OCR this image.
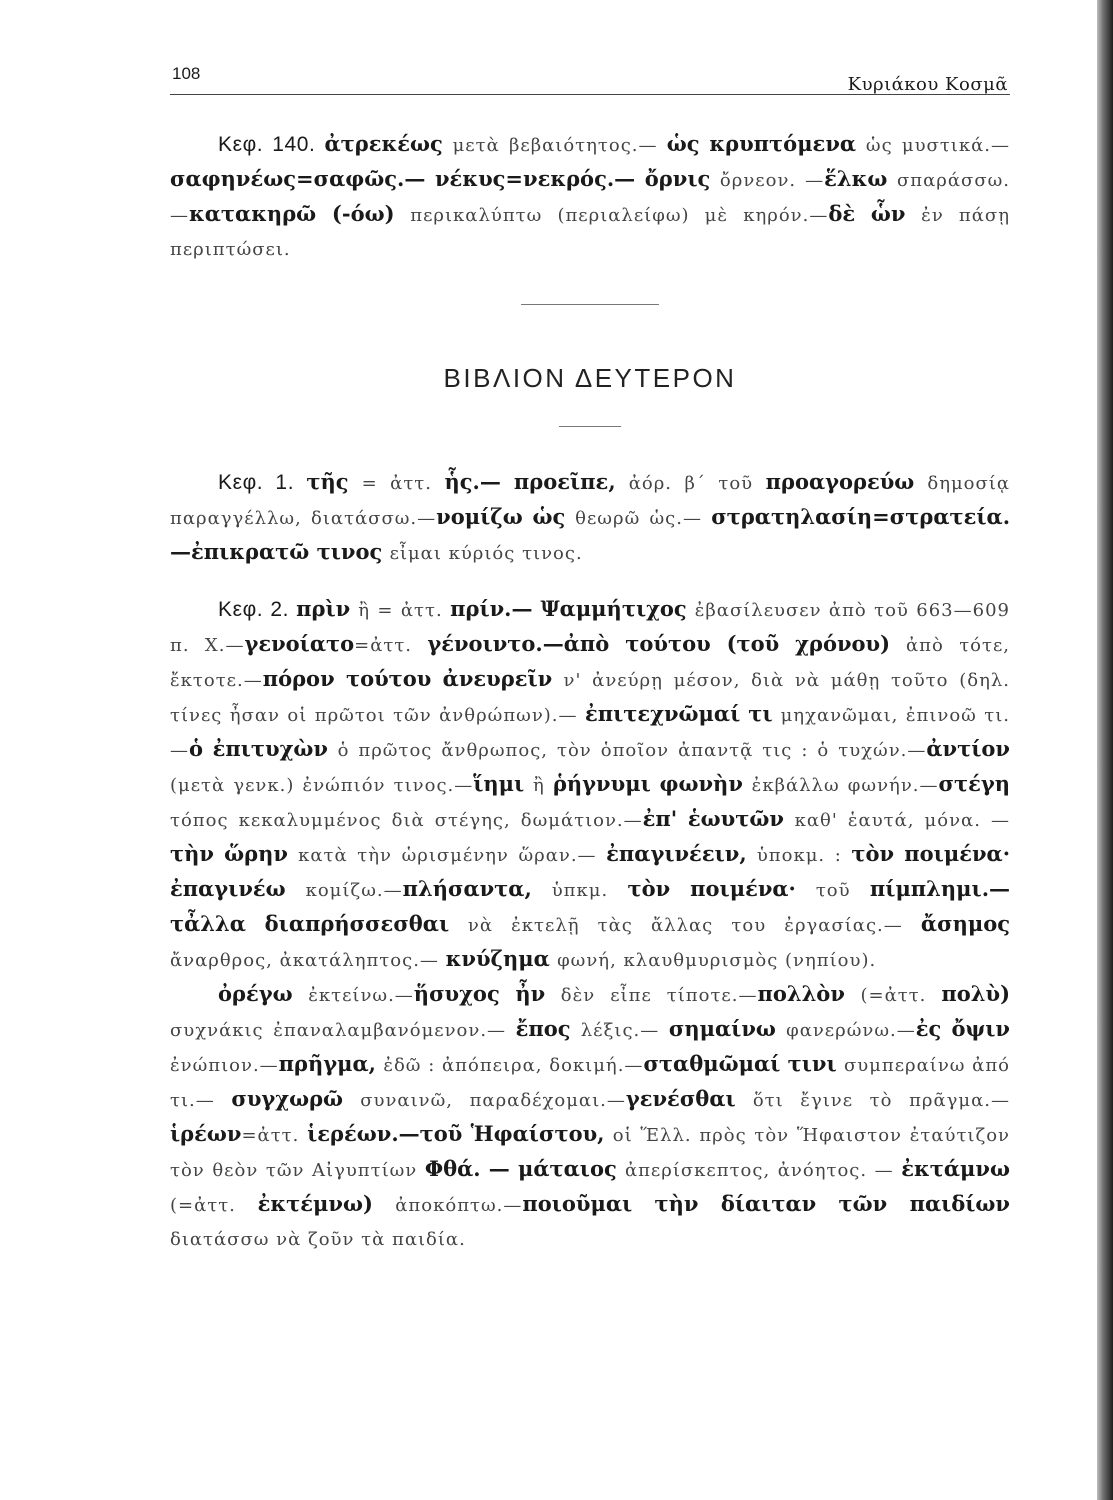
108
Κυριάκου Κοσμᾶ

Κεφ. 140. ἀτρεκέως μετὰ βεβαιότητος.— ὡς κρυπτόμενα ὡς μυστικά.—σαφηνέως=σαφῶς.— νέκυς=νεκρός.— ὄρνις ὄρνεον. —ἕλκω σπαράσσω.—κατακηρῶ (-όω) περικαλύπτω (περιαλείφω) μὲ κηρόν.—δὲ ὧν ἐν πάσῃ περιπτώσει.

ΒΙΒΛΙΟΝ ΔΕΥΤΕΡΟΝ

Κεφ. 1. τῆς = ἀττ. ἧς.— προεῖπε, ἀόρ. β΄ τοῦ προαγορεύω δημοσίᾳ παραγγέλλω, διατάσσω.—νομίζω ὡς θεωρῶ ὡς.— στρατηλασίη=στρατεία.—ἐπικρατῶ τινος εἶμαι κύριός τινος.

Κεφ. 2. πρὶν ἢ = ἀττ. πρίν.— Ψαμμήτιχος ἐβασίλευσεν ἀπὸ τοῦ 663—609 π. Χ.—γενοίατο=ἀττ. γένοιντο.—ἀπὸ τούτου (τοῦ χρόνου) ἀπὸ τότε, ἔκτοτε.—πόρον τούτου ἀνευρεῖν ν' ἀνεύρῃ μέσον, διὰ νὰ μάθῃ τοῦτο (δηλ. τίνες ἦσαν οἱ πρῶτοι τῶν ἀνθρώπων).— ἐπιτεχνῶμαί τι μηχανῶμαι, ἐπινοῶ τι.—ὁ ἐπιτυχὼν ὁ πρῶτος ἄνθρωπος, τὸν ὁποῖον ἀπαντᾷ τις : ὁ τυχών.—ἀντίον (μετὰ γενκ.) ἐνώπιόν τινος.—ἵημι ἢ ῥήγνυμι φωνὴν ἐκβάλλω φωνήν.—στέγη τόπος κεκαλυμμένος διὰ στέγης, δωμάτιον.—ἐπ' ἑωυτῶν καθ' ἑαυτά, μόνα. —τὴν ὥρην κατὰ τὴν ὡρισμένην ὥραν.— ἐπαγινέειν, ὑποκμ. : τὸν ποιμένα· ἐπαγινέω κομίζω.—πλήσαντα, ὑπκμ. τὸν ποιμένα· τοῦ πίμπλημι.— τἆλλα διαπρήσσεσθαι νὰ ἐκτελῇ τὰς ἄλλας του ἐργασίας.— ἄσημος ἄναρθρος, ἀκατάληπτος.— κνύζημα φωνή, κλαυθμυρισμὸς (νηπίου).

ὀρέγω ἐκτείνω.—ἥσυχος ἦν δὲν εἶπε τίποτε.—πολλὸν (=ἀττ. πολὺ) συχνάκις ἐπαναλαμβανόμενον.— ἔπος λέξις.— σημαίνω φανερώνω.—ἐς ὄψιν ἐνώπιον.—πρῆγμα, ἐδῶ : ἀπόπειρα, δοκιμή.—σταθμῶμαί τινι συμπεραίνω ἀπό τι.— συγχωρῶ συναινῶ, παραδέχομαι.—γενέσθαι ὅτι ἔγινε τὸ πρᾶγμα.—ἱρέων=ἀττ. ἱερέων.—τοῦ Ἡφαίστου, οἱ Ἕλλ. πρὸς τὸν Ἥφαιστον ἐταύτιζον τὸν θεὸν τῶν Αἰγυπτίων Φθά. — μάταιος ἀπερίσκεπτος, ἀνόητος. — ἐκτάμνω (=ἀττ. ἐκτέμνω) ἀποκόπτω.—ποιοῦμαι τὴν δίαιταν τῶν παιδίων διατάσσω νὰ ζοῦν τὰ παιδία.
